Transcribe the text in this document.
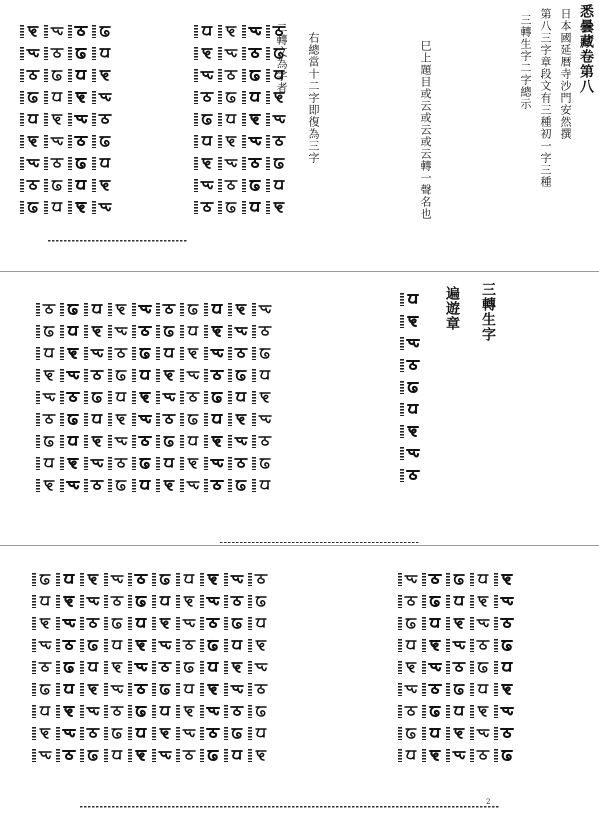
悉曇藏卷第八
日本國延暦寺沙門安然撰
第八三字章段文有三種初一字三種
三轉生字二字總示
巳上題目或云或云或云轉一聲名也
右總當十二字即復為三字
二轉文為字者
三轉生字
遍遊章
2
